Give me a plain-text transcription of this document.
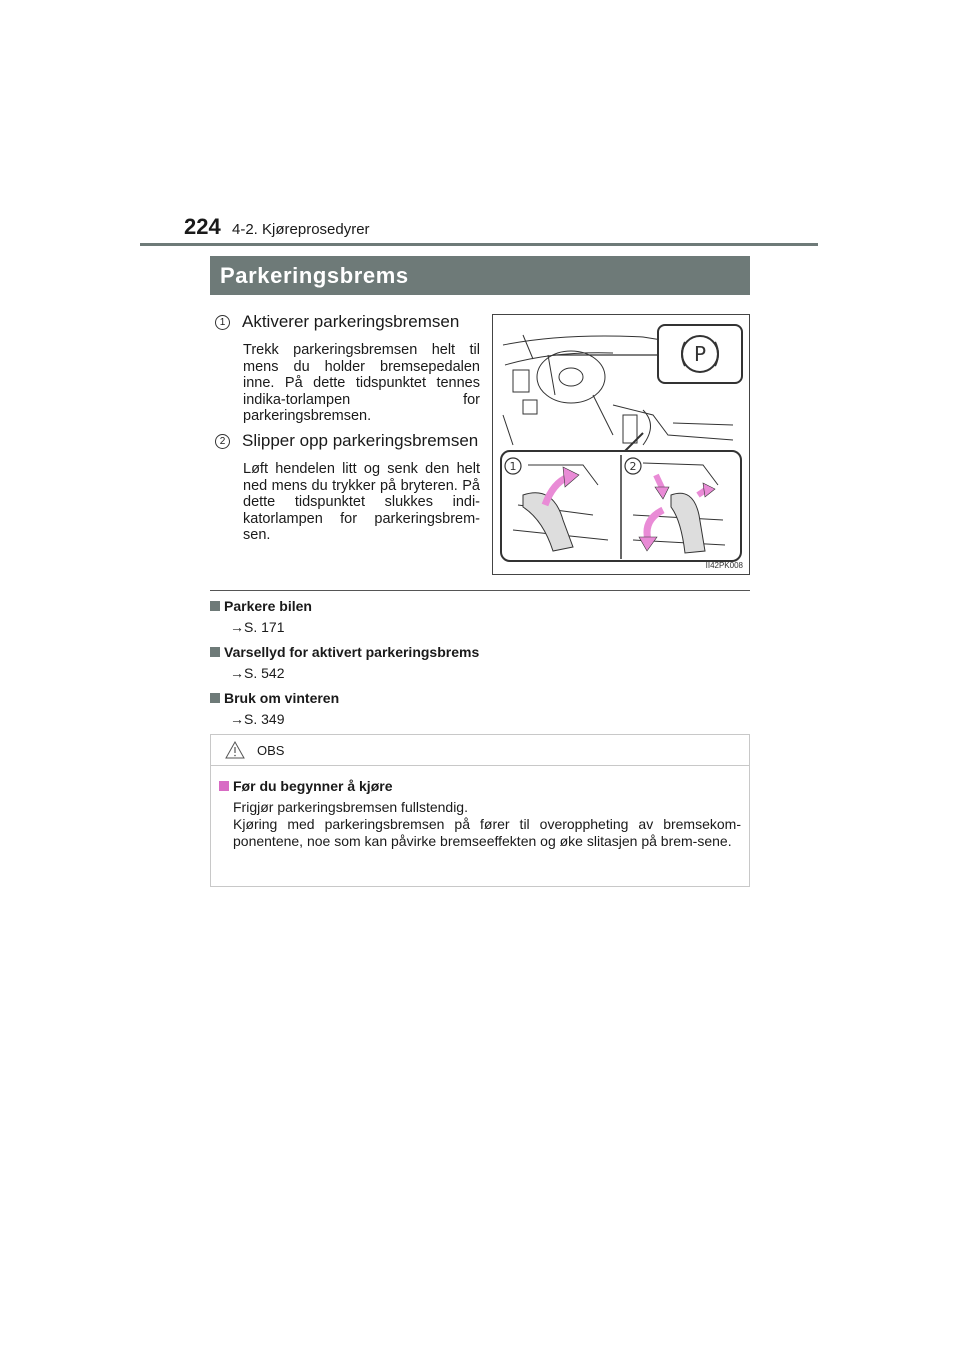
224 4-2. Kjøreprosedyrer
Parkeringsbrems
1 Aktiverer parkeringsbremsen
Trekk parkeringsbremsen helt til mens du holder bremsepedalen inne. På dette tidspunktet tennes indika-torlampen for parkeringsbremsen.
2 Slipper opp parkeringsbremsen
Løft hendelen litt og senk den helt ned mens du trykker på bryteren. På dette tidspunktet slukkes indi-katorlampen for parkeringsbrem-sen.
P
1	2
II42PK008
Parkere bilen
→S. 171
Varsellyd for aktivert parkeringsbrems
→S. 542
Bruk om vinteren
→S. 349
OBS
Før du begynner å kjøre
Frigjør parkeringsbremsen fullstendig.
Kjøring med parkeringsbremsen på fører til overoppheting av bremsekom-ponentene, noe som kan påvirke bremseeffekten og øke slitasjen på brem-sene.
